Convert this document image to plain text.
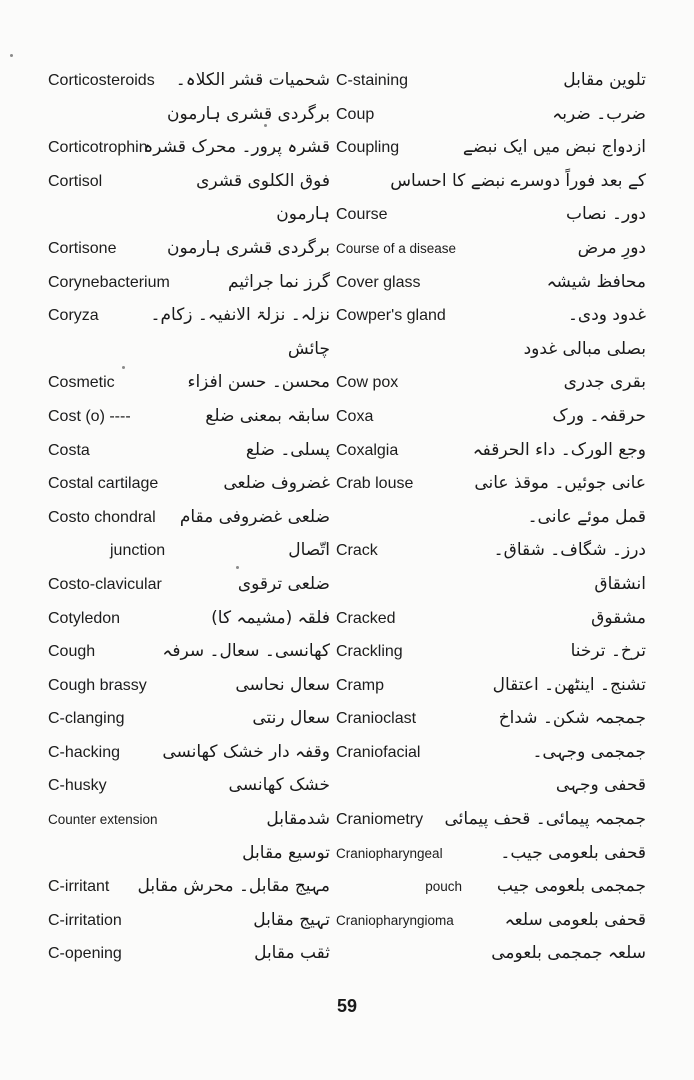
Corticosteroids
Corticotrophin
Cortisol
Cortisone
Corynebacterium
Coryza
Cosmetic
Cost (o) ----
Costa
Costal cartilage
Costo chondral
junction
Costo-clavicular
Cotyledon
Cough
Cough brassy
C-clanging
C-hacking
C-husky
Counter extension
C-irritant
C-irritation
C-opening
شحمیات قشر الکلاہ۔
برگردی قشری ہارمون
قشرہ پرور۔ محرک قشرہ
فوق الکلوی قشری
ہارمون
برگردی قشری ہارمون
گرز نما جراثیم
نزلہ۔ نزلۃ الانفیہ۔ زکام۔
چائش
محسن۔ حسن افزاء
سابقہ بمعنی ضلع
پسلی۔ ضلع
غضروف ضلعی
ضلعی غضروفی مقام
اتّصال
ضلعی ترقوی
فلقہ (مشیمہ کا)
کھانسی۔ سعال۔ سرفہ
سعال نحاسی
سعال رنتی
وقفہ دار خشک کھانسی
خشک کھانسی
شدمقابل
توسیع مقابل
مہیج مقابل۔ محرش مقابل
تہیج مقابل
ثقب مقابل
C-staining
Coup
Coupling
Course
Course of a disease
Cover glass
Cowper's gland
Cow pox
Coxa
Coxalgia
Crab louse
Crack
Cracked
Crackling
Cramp
Cranioclast
Craniofacial
Craniometry
Craniopharyngeal
pouch
Craniopharyngioma
تلوین مقابل
ضرب۔ ضربہ
ازدواج نبض میں ایک نبضے
کے بعد فوراً دوسرے نبضے کا احساس
دور۔ نصاب
دورِ مرض
محافظ شیشہ
غدود ودی۔
بصلی مبالی غدود
بقری جدری
حرقفہ۔ ورک
وجع الورک۔ داء الحرقفہ
عانی جوئیں۔ موقذ عانی
قمل موئے عانی۔
درز۔ شگاف۔ شقاق۔
انشقاق
مشقوق
ترخ۔ ترخنا
تشنج۔ اینٹھن۔ اعتقال
جمجمہ شکن۔ شداخ
جمجمی وجہی۔
قحفی وجہی
جمجمہ پیمائی۔ قحف پیمائی
قحفی بلعومی جیب۔
جمجمی بلعومی جیب
قحفی بلعومی سلعہ
سلعہ جمجمی بلعومی
59
